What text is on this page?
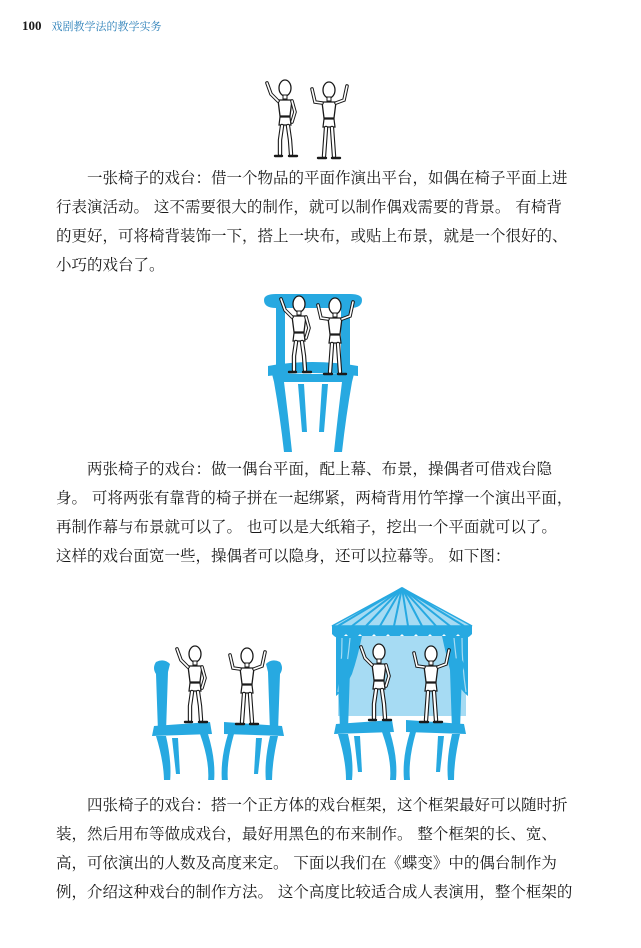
100 戏剧教学法的教学实务

一张椅子的戏台：借一个物品的平面作演出平台，如偶在椅子平面上进
行表演活动。 这不需要很大的制作，就可以制作偶戏需要的背景。 有椅背
的更好，可将椅背装饰一下，搭上一块布，或贴上布景，就是一个很好的、
小巧的戏台了。

两张椅子的戏台：做一偶台平面，配上幕、布景，操偶者可借戏台隐
身。 可将两张有靠背的椅子拼在一起绑紧，两椅背用竹竿撑一个演出平面，
再制作幕与布景就可以了。 也可以是大纸箱子，挖出一个平面就可以了。
这样的戏台面宽一些，操偶者可以隐身，还可以拉幕等。 如下图：

四张椅子的戏台：搭一个正方体的戏台框架，这个框架最好可以随时折
装，然后用布等做成戏台，最好用黑色的布来制作。 整个框架的长、宽、
高，可依演出的人数及高度来定。 下面以我们在《蝶变》中的偶台制作为
例，介绍这种戏台的制作方法。 这个高度比较适合成人表演用，整个框架的
